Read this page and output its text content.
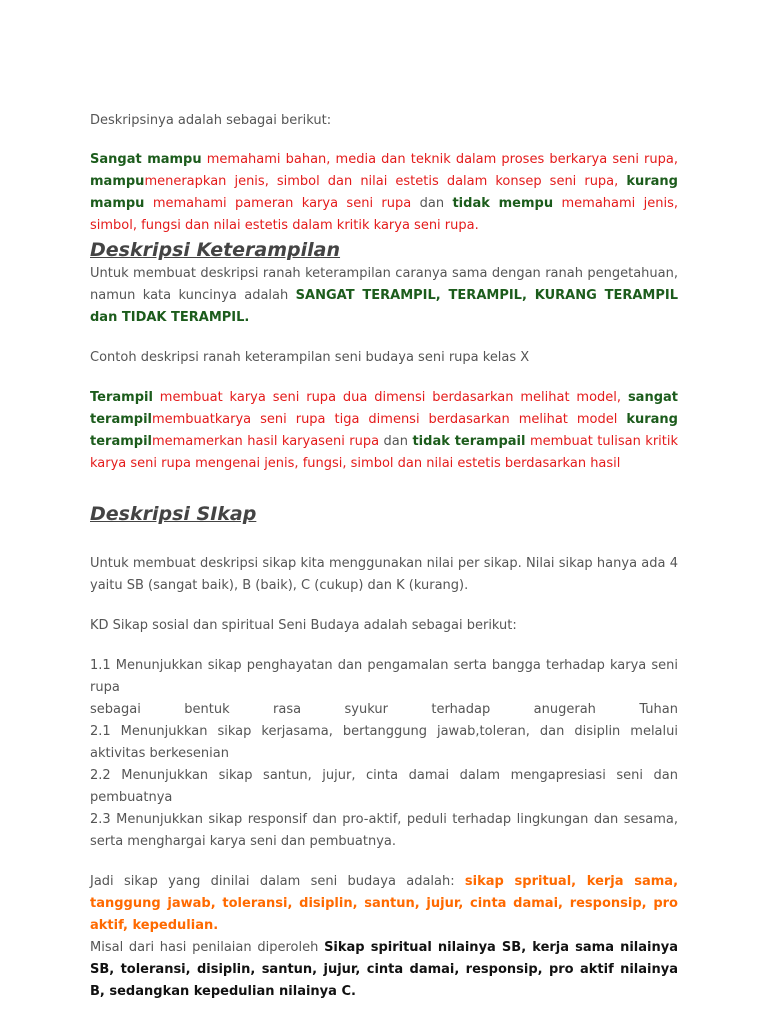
Deskripsinya adalah sebagai berikut:

Sangat mampu memahami bahan, media dan teknik dalam proses berkarya seni rupa, mampumenerapkan jenis, simbol dan nilai estetis dalam konsep seni rupa, kurang mampu memahami pameran karya seni rupa dan tidak mempu memahami jenis, simbol, fungsi dan nilai estetis dalam kritik karya seni rupa.

Deskripsi Keterampilan

Untuk membuat deskripsi ranah keterampilan caranya sama dengan ranah pengetahuan, namun kata kuncinya adalah SANGAT TERAMPIL, TERAMPIL, KURANG TERAMPIL dan TIDAK TERAMPIL.

Contoh deskripsi ranah keterampilan seni budaya seni rupa kelas X

Terampil membuat karya seni rupa dua dimensi berdasarkan melihat model, sangat terampilmembuatkarya seni rupa tiga dimensi berdasarkan melihat model kurang terampilmemamerkan hasil karyaseni rupa dan tidak terampail membuat tulisan kritik karya seni rupa mengenai jenis, fungsi, simbol dan nilai estetis berdasarkan hasil

Deskripsi SIkap

Untuk membuat deskripsi sikap kita menggunakan nilai per sikap. Nilai sikap hanya ada 4 yaitu SB (sangat baik), B (baik), C (cukup) dan K (kurang).

KD Sikap sosial dan spiritual Seni Budaya adalah sebagai berikut:

1.1 Menunjukkan sikap penghayatan dan pengamalan serta bangga terhadap karya seni rupa

sebagai	bentuk	rasa	syukur	terhadap	anugerah	Tuhan

2.1 Menunjukkan sikap kerjasama, bertanggung jawab,toleran, dan disiplin melalui aktivitas berkesenian

2.2 Menunjukkan sikap santun, jujur, cinta damai dalam mengapresiasi seni dan pembuatnya

2.3 Menunjukkan sikap responsif dan pro-aktif, peduli terhadap lingkungan dan sesama, serta menghargai karya seni dan pembuatnya.

Jadi sikap yang dinilai dalam seni budaya adalah: sikap spritual, kerja sama, tanggung jawab, toleransi, disiplin, santun, jujur, cinta damai, responsip, pro aktif, kepedulian.

Misal dari hasi penilaian diperoleh Sikap spiritual nilainya SB, kerja sama nilainya SB, toleransi, disiplin, santun, jujur, cinta damai, responsip, pro aktif nilainya B, sedangkan kepedulian nilainya C.
